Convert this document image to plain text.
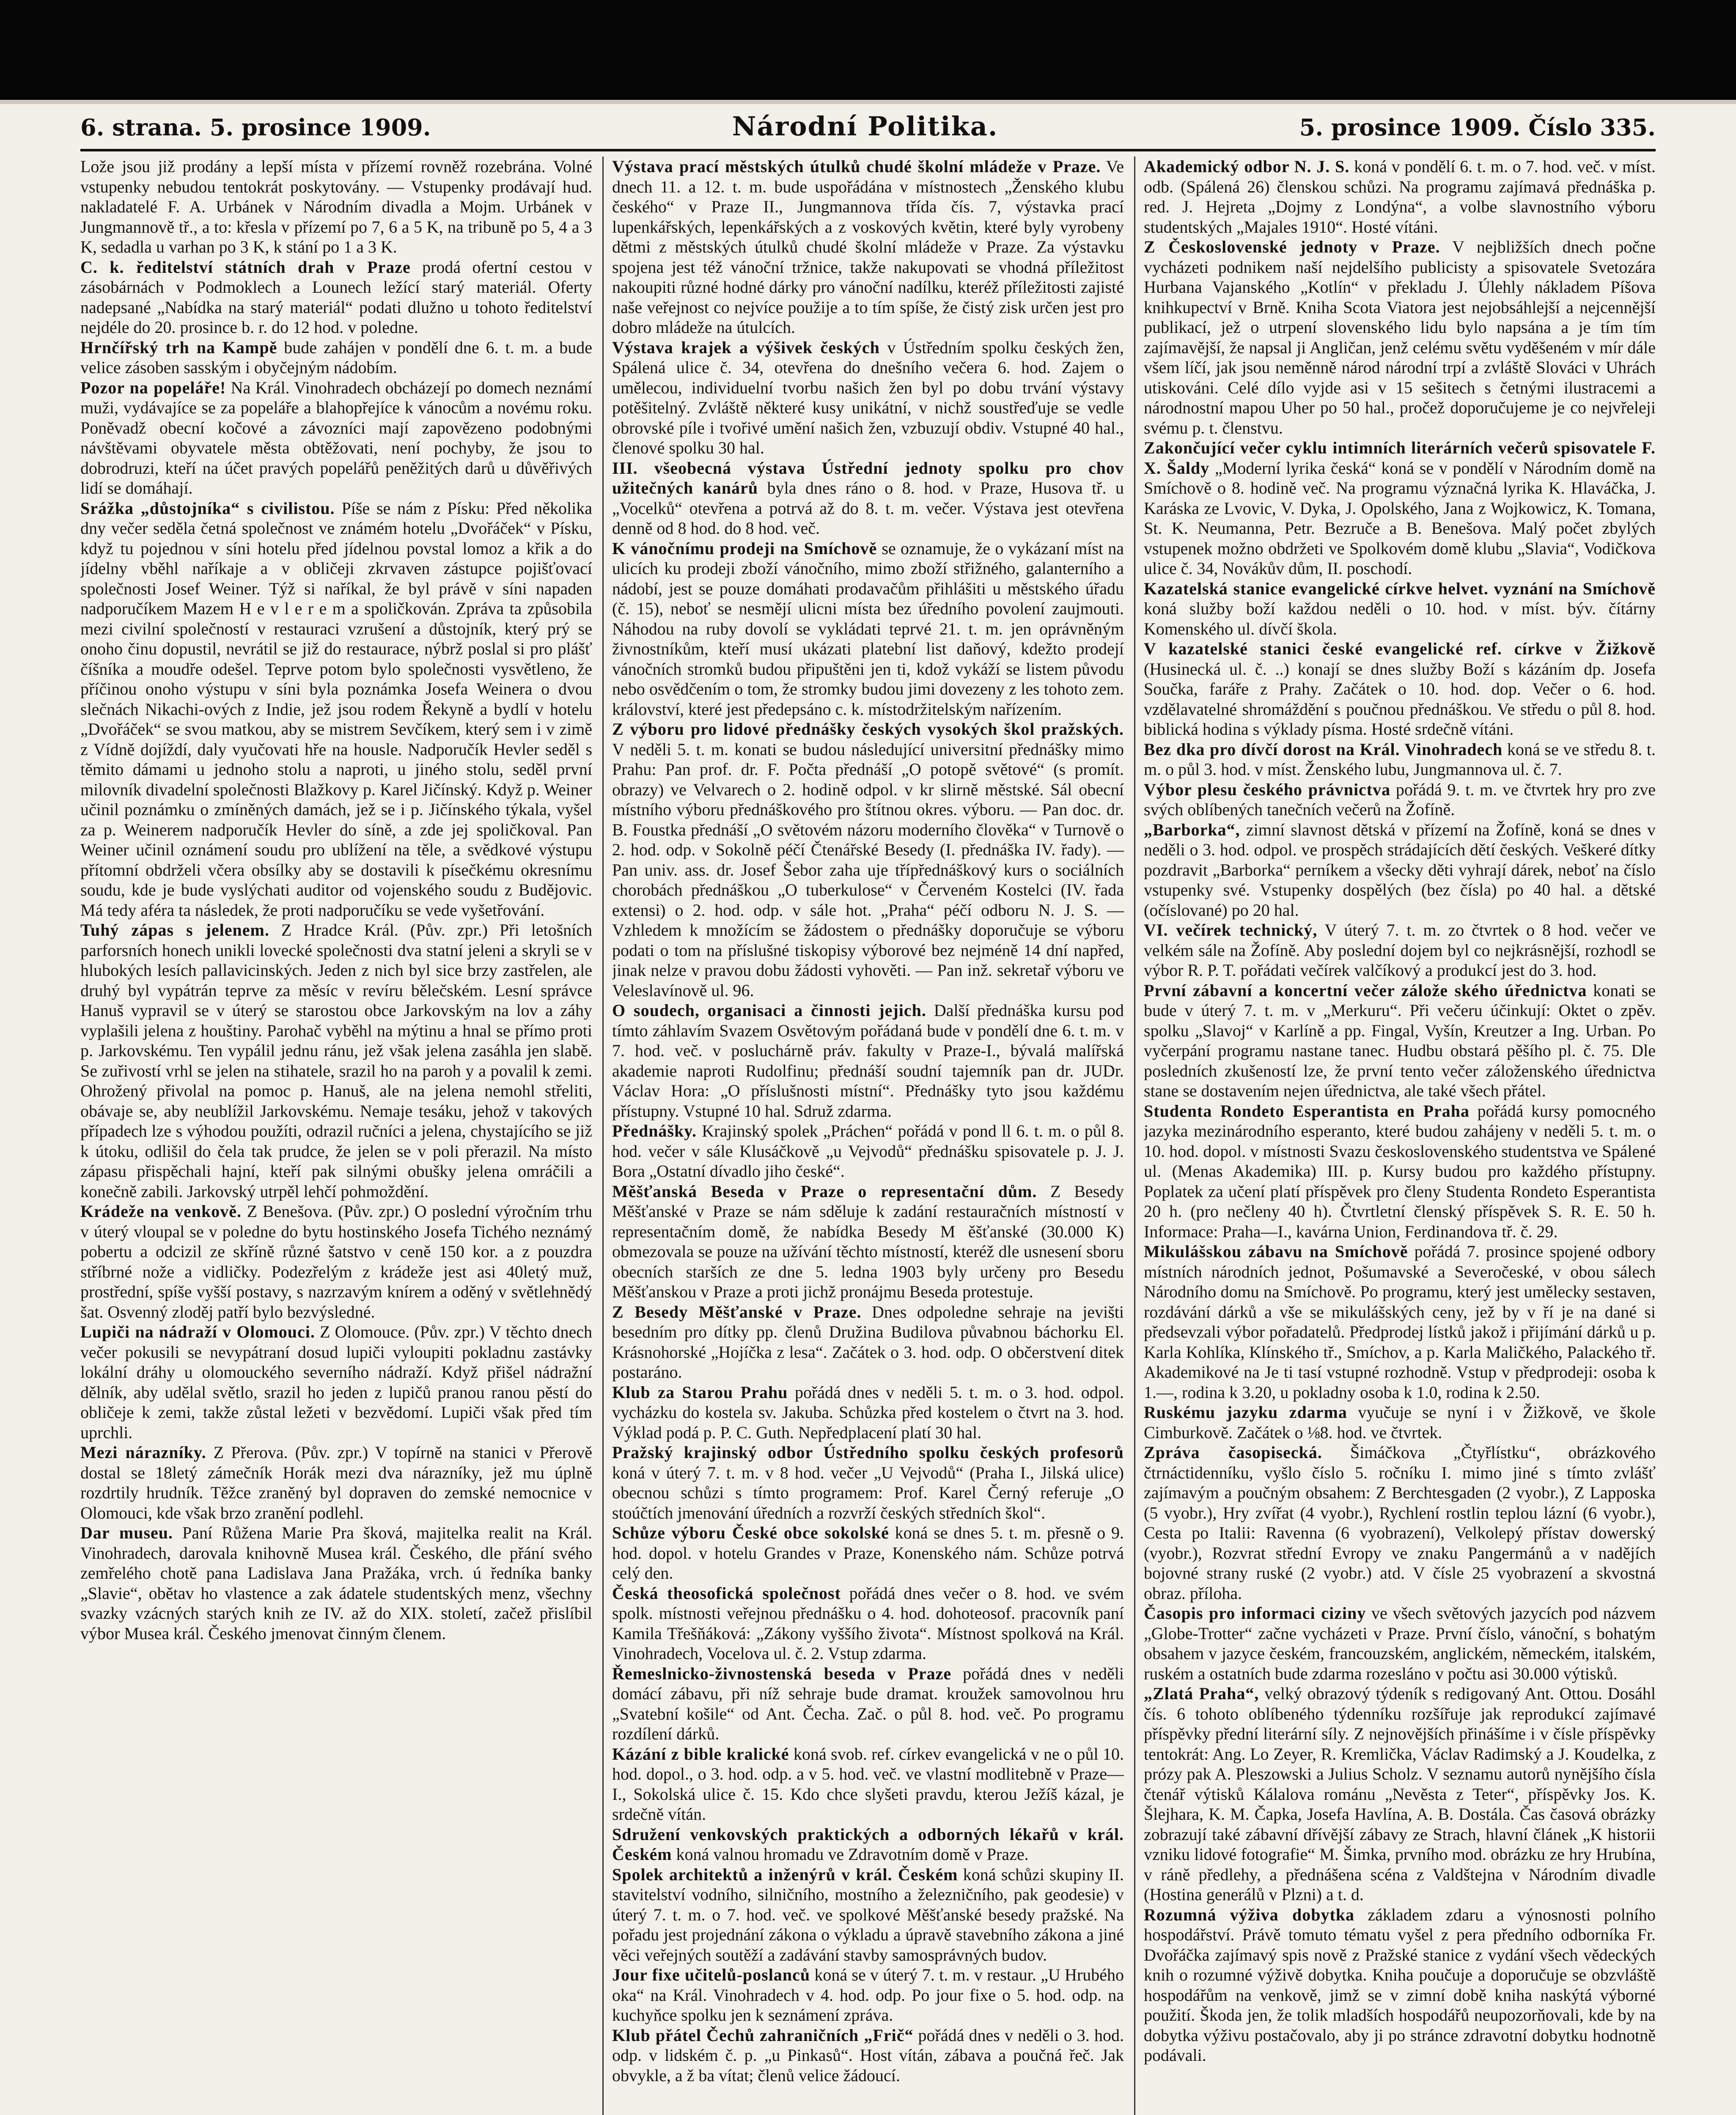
6. strana. 5. prosince 1909.	Národní Politika.	5. prosince 1909. Číslo 335.

Lože jsou již prodány a lepší místa v přízemí rovněž rozebrána. Volné vstupenky nebudou tentokrát poskytovány. — Vstupenky prodávají hud. nakladatelé F. A. Urbánek v Národním divadla a Mojm. Urbánek v Jungmannově tř., a to: křesla v přízemí po 7, 6 a 5 K, na tribuně po 5, 4 a 3 K, sedadla u varhan po 3 K, k stání po 1 a 3 K.

C. k. ředitelství státních drah v Praze prodá ofertní cestou v zásobárnách v Podmoklech a Lounech ležící starý materiál. Oferty nadepsané „Nabídka na starý materiál“ podati dlužno u tohoto ředitelství nejdéle do 20. prosince b. r. do 12 hod. v poledne.

Hrnčířský trh na Kampě bude zahájen v pondělí dne 6. t. m. a bude velice zásoben sasským i obyčejným nádobím.

Pozor na popeláře! Na Král. Vinohradech obcházejí po domech neznámí muži, vydávajíce se za popeláře a blahopřejíce k vánocům a novému roku. Poněvadž obecní kočové a závozníci mají zapovězeno podobnými návštěvami obyvatele města obtěžovati, není pochyby, že jsou to dobrodruzi, kteří na účet pravých popelářů peněžitých darů u důvěřivých lidí se domáhají.

Srážka „důstojníka“ s civilistou. Píše se nám z Písku: Před několika dny večer seděla četná společnost ve známém hotelu „Dvořáček“ v Písku, když tu pojednou v síni hotelu před jídelnou povstal lomoz a křik a do jídelny vběhl naříkaje a v obličeji zkrvaven zástupce pojišťovací společnosti Josef Weiner. Týž si naříkal, že byl právě v síni napaden nadporučíkem Mazem H e v l e r e m a spoličkován. Zpráva ta způsobila mezi civilní společností v restauraci vzrušení a důstojník, který prý se onoho činu dopustil, nevrátil se již do restaurace, nýbrž poslal si pro plášť číšníka a moudře odešel. Teprve potom bylo společnosti vysvětleno, že příčinou onoho výstupu v síni byla poznámka Josefa Weinera o dvou slečnách Nikachi-ových z Indie, jež jsou rodem Řekyně a bydlí v hotelu „Dvořáček“ se svou matkou, aby se mistrem Sevčíkem, který sem i v zimě z Vídně dojíždí, daly vyučovati hře na housle. Nadporučík Hevler seděl s těmito dámami u jednoho stolu a naproti, u jiného stolu, seděl první milovník divadelní společnosti Blažkovy p. Karel Jičínský. Když p. Weiner učinil poznámku o zmíněných damách, jež se i p. Jičínského týkala, vyšel za p. Weinerem nadporučík Hevler do síně, a zde jej spoličkoval. Pan Weiner učinil oznámení soudu pro ublížení na těle, a svědkové výstupu přítomní obdrželi včera obsílky aby se dostavili k písečkému okresnímu soudu, kde je bude vyslýchati auditor od vojenského soudu z Budějovic. Má tedy aféra ta následek, že proti nadporučíku se vede vyšetřování.

Tuhý zápas s jelenem. Z Hradce Král. (Pův. zpr.) Při letošních parforsních honech unikli lovecké společnosti dva statní jeleni a skryli se v hlubokých lesích pallavicinských. Jeden z nich byl sice brzy zastřelen, ale druhý byl vypátrán teprve za měsíc v revíru bělečském. Lesní správce Hanuš vypravil se v úterý se starostou obce Jarkovským na lov a záhy vyplašili jelena z houštiny. Parohač vyběhl na mýtinu a hnal se přímo proti p. Jarkovskému. Ten vypálil jednu ránu, jež však jelena zasáhla jen slabě. Se zuřivostí vrhl se jelen na stihatele, srazil ho na paroh y a povalil k zemi. Ohrožený přivolal na pomoc p. Hanuš, ale na jelena nemohl střeliti, obávaje se, aby neublížil Jarkovskému. Nemaje tesáku, jehož v takových případech lze s výhodou použíti, odrazil ručníci a jelena, chystajícího se již k útoku, odlišil do čela tak prudce, že jelen se v poli přerazil. Na místo zápasu přispěchali hajní, kteří pak silnými obušky jelena omráčili a konečně zabili. Jarkovský utrpěl lehčí pohmoždění.

Krádeže na venkově. Z Benešova. (Pův. zpr.) O poslední výročním trhu v úterý vloupal se v poledne do bytu hostinského Josefa Tichého neznámý pobertu a odcizil ze skříně různé šatstvo v ceně 150 kor. a z pouzdra stříbrné nože a vidličky. Podezřelým z krádeže jest asi 40letý muž, prostřední, spíše vyšší postavy, s nazrzavým knírem a oděný v světlehnědý šat. Osvenný zloděj patří bylo bezvýsledné.

Lupiči na nádraží v Olomouci. Z Olomouce. (Pův. zpr.) V těchto dnech večer pokusili se nevypátraní dosud lupiči vyloupiti pokladnu zastávky lokální dráhy u olomouckého severního nádraží. Když přišel nádražní dělník, aby udělal světlo, srazil ho jeden z lupičů pranou ranou pěstí do obličeje k zemi, takže zůstal ležeti v bezvědomí. Lupiči však před tím uprchli.

Mezi nárazníky. Z Přerova. (Pův. zpr.) V topírně na stanici v Přerově dostal se 18letý zámečník Horák mezi dva nárazníky, jež mu úplně rozdrtily hrudník. Těžce zraněný byl dopraven do zemské nemocnice v Olomouci, kde však brzo zranění podlehl.

Dar museu. Paní Růžena Marie Pra šková, majitelka realit na Král. Vinohradech, darovala knihovně Musea král. Českého, dle přání svého zemřelého chotě pana Ladislava Jana Pražáka, vrch. ú ředníka banky „Slavie“, obětav ho vlastence a zak ádatele studentských menz, všechny svazky vzácných starých knih ze IV. až do XIX. století, začež přislíbil výbor Musea král. Českého jmenovat činným členem.

Výstava prací městských útulků chudé školní mládeže v Praze. Ve dnech 11. a 12. t. m. bude uspořádána v místnostech „Ženského klubu českého“ v Praze II., Jungmannova třída čís. 7, výstavka prací lupenkářských, lepenkářských a z voskových květin, které byly vyrobeny dětmi z městských útulků chudé školní mládeže v Praze. Za výstavku spojena jest též vánoční tržnice, takže nakupovati se vhodná příležitost nakoupiti různé hodné dárky pro vánoční nadílku, kteréž příležitosti zajisté naše veřejnost co nejvíce použije a to tím spíše, že čistý zisk určen jest pro dobro mládeže na útulcích.

Výstava krajek a výšivek českých v Ústředním spolku českých žen, Spálená ulice č. 34, otevřena do dnešního večera 6. hod. Zajem o umělecou, individuelní tvorbu našich žen byl po dobu trvání výstavy potěšitelný. Zvláště některé kusy unikátní, v nichž soustřeďuje se vedle obrovské píle i tvořivé umění našich žen, vzbuzují obdiv. Vstupné 40 hal., členové spolku 30 hal.

III. všeobecná výstava Ústřední jednoty spolku pro chov užitečných kanárů byla dnes ráno o 8. hod. v Praze, Husova tř. u „Vocelků“ otevřena a potrvá až do 8. t. m. večer. Výstava jest otevřena denně od 8 hod. do 8 hod. več.

K vánočnímu prodeji na Smíchově se oznamuje, že o vykázaní míst na ulicích ku prodeji zboží vánočního, mimo zboží střižného, galanterního a nádobí, jest se pouze domáhati prodavačům přihlášiti u městského úřadu (č. 15), neboť se nesmějí ulicni místa bez úředního povolení zaujmouti. Náhodou na ruby dovolí se vykládati teprvé 21. t. m. jen oprávněným živnostníkům, kteří musí ukázati platební list daňový, kdežto prodejí vánočních stromků budou připuštěni jen ti, kdož vykáží se listem původu nebo osvědčením o tom, že stromky budou jimi dovezeny z les tohoto zem. království, které jest předepsáno c. k. místodržitelským nařízením.

Z výboru pro lidové přednášky českých vysokých škol pražských. V neděli 5. t. m. konati se budou následující universitní přednášky mimo Prahu: Pan prof. dr. F. Počta přednáší „O potopě světové“ (s promít. obrazy) ve Velvarech o 2. hodině odpol. v kr slirně městské. Sál obecní místního výboru přednáškového pro štítnou okres. výboru. — Pan doc. dr. B. Foustka přednáší „O světovém názoru moderního člověka“ v Turnově o 2. hod. odp. v Sokolně péčí Čtenářské Besedy (I. přednáška IV. řady). — Pan univ. ass. dr. Josef Šebor zaha uje třípřednáškový kurs o sociálních chorobách přednáškou „O tuberkulose“ v Červeném Kostelci (IV. řada extensi) o 2. hod. odp. v sále hot. „Praha“ péčí odboru N. J. S. — Vzhledem k množícím se žádostem o přednášky doporučuje se výboru podati o tom na příslušné tiskopisy výborové bez nejméně 14 dní napřed, jinak nelze v pravou dobu žádosti vyhověti. — Pan inž. sekretař výboru ve Veleslavínově ul. 96.

O soudech, organisaci a činnosti jejich. Další přednáška kursu pod tímto záhlavím Svazem Osvětovým pořádaná bude v pondělí dne 6. t. m. v 7. hod. več. v posluchárně práv. fakulty v Praze-I., bývalá malířská akademie naproti Rudolfinu; přednáší soudní tajemník pan dr. JUDr. Václav Hora: „O příslušnosti místní“. Přednášky tyto jsou každému přístupny. Vstupné 10 hal. Sdruž zdarma.

Přednášky. Krajinský spolek „Práchen“ pořádá v pond ll 6. t. m. o půl 8. hod. večer v sále Klusáčkově „u Vejvodů“ přednášku spisovatele p. J. J. Bora „Ostatní dívadlo jiho české“.

Měšťanská Beseda v Praze o representační dům. Z Besedy Měšťanské v Praze se nám sděluje k zadání restauračních místností v representačním domě, že nabídka Besedy M ěšťanské (30.000 K) obmezovala se pouze na užívání těchto místností, kteréž dle usnesení sboru obecních starších ze dne 5. ledna 1903 byly určeny pro Besedu Měšťanskou v Praze a proti jichž pronájmu Beseda protestuje.

Z Besedy Měšťanské v Praze. Dnes odpoledne sehraje na jevišti besedním pro dítky pp. členů Družina Budilova půvabnou báchorku El. Krásnohorské „Hojíčka z lesa“. Začátek o 3. hod. odp. O občerstvení ditek postaráno.

Klub za Starou Prahu pořádá dnes v neděli 5. t. m. o 3. hod. odpol. vycházku do kostela sv. Jakuba. Schůzka před kostelem o čtvrt na 3. hod. Výklad podá p. P. C. Guth. Nepředplacení platí 30 hal.

Pražský krajinský odbor Ústředního spolku českých profesorů koná v úterý 7. t. m. v 8 hod. večer „U Vejvodů“ (Praha I., Jilská ulice) obecnou schůzi s tímto programem: Prof. Karel Černý referuje „O stoúčtích jmenování úředních a rozvrží českých středních škol“.

Schůze výboru České obce sokolské koná se dnes 5. t. m. přesně o 9. hod. dopol. v hotelu Grandes v Praze, Konenského nám. Schůze potrvá celý den.

Česká theosofická společnost pořádá dnes večer o 8. hod. ve svém spolk. místnosti veřejnou přednášku o 4. hod. dohoteosof. pracovník paní Kamila Třešňáková: „Zákony vyššího života“. Místnost spolková na Král. Vinohradech, Vocelova ul. č. 2. Vstup zdarma.

Řemeslnicko-živnostenská beseda v Praze pořádá dnes v neděli domácí zábavu, při níž sehraje bude dramat. kroužek samovolnou hru „Svatební košile“ od Ant. Čecha. Zač. o půl 8. hod. več. Po programu rozdílení dárků.

Kázání z bible kralické koná svob. ref. církev evangelická v ne o půl 10. hod. dopol., o 3. hod. odp. a v 5. hod. več. ve vlastní modlitebně v Praze—I., Sokolská ulice č. 15. Kdo chce slyšeti pravdu, kterou Ježíš kázal, je srdečně vítán.

Sdružení venkovských praktických a odborných lékařů v král. Českém koná valnou hromadu ve Zdravotním domě v Praze.

Spolek architektů a inženýrů v král. Českém koná schůzi skupiny II. stavitelství vodního, silničního, mostního a železničního, pak geodesie) v úterý 7. t. m. o 7. hod. več. ve spolkové Měšťanské besedy pražské. Na pořadu jest projednání zákona o výkladu a úpravě stavebního zákona a jiné věci veřejných soutěží a zadávání stavby samosprávných budov.

Jour fixe učitelů-poslanců koná se v úterý 7. t. m. v restaur. „U Hrubého oka“ na Král. Vinohradech v 4. hod. odp. Po jour fixe o 5. hod. odp. na kuchyňce spolku jen k seznámení zpráva.

Klub přátel Čechů zahraničních „Frič“ pořádá dnes v neděli o 3. hod. odp. v lidském č. p. „u Pinkasů“. Host vítán, zábava a poučná řeč. Jak obvykle, a ž ba vítat; členů velice žádoucí.

Akademický odbor N. J. S. koná v pondělí 6. t. m. o 7. hod. več. v míst. odb. (Spálená 26) členskou schůzi. Na programu zajímavá přednáška p. red. J. Hejreta „Dojmy z Londýna“, a volbe slavnostního výboru studentských „Majales 1910“. Hosté vítáni.

Z Československé jednoty v Praze. V nejbližších dnech počne vycházeti podnikem naší nejdelšího publicisty a spisovatele Svetozára Hurbana Vajanského „Kotlín“ v překladu J. Úlehly nákladem Píšova knihkupectví v Brně. Kniha Scota Viatora jest nejobsáhlejší a nejcennější publikací, jež o utrpení slovenského lidu bylo napsána a je tím tím zajímavější, že napsal ji Angličan, jenž celému světu vyděšeném v mír dále všem líčí, jak jsou neměnně národ národní trpí a zvláště Slováci v Uhrách utiskováni. Celé dílo vyjde asi v 15 sešitech s četnými ilustracemi a národnostní mapou Uher po 50 hal., pročež doporučujeme je co nejvřeleji svému p. t. členstvu.

Zakončující večer cyklu intimních literárních večerů spisovatele F. X. Šaldy „Moderní lyrika česká“ koná se v pondělí v Národním domě na Smíchově o 8. hodině več. Na programu význačná lyrika K. Hlaváčka, J. Karáska ze Lvovic, V. Dyka, J. Opolského, Jana z Wojkowicz, K. Tomana, St. K. Neumanna, Petr. Bezruče a B. Benešova. Malý počet zbylých vstupenek možno obdržeti ve Spolkovém domě klubu „Slavia“, Vodičkova ulice č. 34, Novákův dům, II. poschodí.

Kazatelská stanice evangelické církve helvet. vyznání na Smíchově koná služby boží každou neděli o 10. hod. v míst. býv. čítárny Komenského ul. dívčí škola.

V kazatelské stanici české evangelické ref. církve v Žižkově (Husinecká ul. č. ..) konají se dnes služby Boží s kázáním dp. Josefa Součka, faráře z Prahy. Začátek o 10. hod. dop. Večer o 6. hod. vzdělavatelné shromáždění s poučnou přednáškou. Ve středu o půl 8. hod. biblická hodina s výklady písma. Hosté srdečně vítáni.

Bez dka pro dívčí dorost na Král. Vinohradech koná se ve středu 8. t. m. o půl 3. hod. v míst. Ženského lubu, Jungmannova ul. č. 7.

Výbor plesu českého právnictva pořádá 9. t. m. ve čtvrtek hry pro zve svých oblíbených tanečních večerů na Žofíně.

„Barborka“, zimní slavnost dětská v přízemí na Žofíně, koná se dnes v neděli o 3. hod. odpol. ve prospěch strádajících dětí českých. Veškeré dítky pozdravit „Barborka“ perníkem a všecky děti vyhrají dárek, neboť na číslo vstupenky své. Vstupenky dospělých (bez čísla) po 40 hal. a dětské (očíslované) po 20 hal.

VI. večírek technický, V úterý 7. t. m. zo čtvrtek o 8 hod. večer ve velkém sále na Žofíně. Aby poslední dojem byl co nejkrásnější, rozhodl se výbor R. P. T. pořádati večírek valčíkový a produkcí jest do 3. hod.

První zábavní a koncertní večer zálože ského úřednictva konati se bude v úterý 7. t. m. v „Merkuru“. Při večeru účinkují: Oktet o zpěv. spolku „Slavoj“ v Karlíně a pp. Fingal, Vyšín, Kreutzer a Ing. Urban. Po vyčerpání programu nastane tanec. Hudbu obstará pěšího pl. č. 75. Dle posledních zkušeností lze, že první tento večer záloženského úřednictva stane se dostavením nejen úřednictva, ale také všech přátel.

Studenta Rondeto Esperantista en Praha pořádá kursy pomocného jazyka mezinárodního esperanto, které budou zahájeny v neděli 5. t. m. o 10. hod. dopol. v místnosti Svazu československého studentstva ve Spálené ul. (Menas Akademika) III. p. Kursy budou pro každého přístupny. Poplatek za učení platí příspěvek pro členy Studenta Rondeto Esperantista 20 h. (pro nečleny 40 h). Čtvrtletní členský příspěvek S. R. E. 50 h. Informace: Praha—I., kavárna Union, Ferdinandova tř. č. 29.

Mikulášskou zábavu na Smíchově pořádá 7. prosince spojené odbory místních národních jednot, Pošumavské a Severočeské, v obou sálech Národního domu na Smíchově. Po programu, který jest umělecky sestaven, rozdávání dárků a vše se mikulášských ceny, jež by v ří je na dané si předsevzali výbor pořadatelů. Předprodej lístků jakož i přijímání dárků u p. Karla Kohlíka, Klínského tř., Smíchov, a p. Karla Maličkého, Palackého tř. Akademikové na Je ti tasí vstupné rozhodně. Vstup v předprodeji: osoba k 1.—, rodina k 3.20, u pokladny osoba k 1.0, rodina k 2.50.

Ruskému jazyku zdarma vyučuje se nyní i v Žižkově, ve škole Cimburkově. Začátek o ⅛8. hod. ve čtvrtek.

Zpráva časopisecká. Šimáčkova „Čtyřlístku“, obrázkového čtrnáctidenníku, vyšlo číslo 5. ročníku I. mimo jiné s tímto zvlášť zajímavým a poučným obsahem: Z Berchtesgaden (2 vyobr.), Z Lapposka (5 vyobr.), Hry zvířat (4 vyobr.), Rychlení rostlin teplou lázní (6 vyobr.), Cesta po Italii: Ravenna (6 vyobrazení), Velkolepý přístav dowerský (vyobr.), Rozvrat střední Evropy ve znaku Pangermánů a v nadějích bojovné strany ruské (2 vyobr.) atd. V čísle 25 vyobrazení a skvostná obraz. příloha.

Časopis pro informaci ciziny ve všech světových jazycích pod názvem „Globe-Trotter“ začne vycházeti v Praze. První číslo, vánoční, s bohatým obsahem v jazyce českém, francouzském, anglickém, německém, italském, ruském a ostatních bude zdarma rozesláno v počtu asi 30.000 výtisků.

„Zlatá Praha“, velký obrazový týdeník s redigovaný Ant. Ottou. Dosáhl čís. 6 tohoto oblíbeného týdenníku rozšířuje jak reprodukcí zajímavé příspěvky přední literární síly. Z nejnovějších přinášíme i v čísle příspěvky tentokrát: Ang. Lo Zeyer, R. Kremlička, Václav Radimský a J. Koudelka, z prózy pak A. Pleszowski a Julius Scholz. V seznamu autorů nynějšího čísla čtenář výtisků Kálalova románu „Nevěsta z Teter“, příspěvky Jos. K. Šlejhara, K. M. Čapka, Josefa Havlína, A. B. Dostála. Čas časová obrázky zobrazují také zábavní dřívější zábavy ze Strach, hlavní článek „K historii vzniku lidové fotografie“ M. Šimka, prvního mod. obrázku ze hry Hrubína, v ráně předlehy, a přednášena scéna z Valdštejna v Národním divadle (Hostina generálů v Plzni) a t. d.

Rozumná výživa dobytka základem zdaru a výnosnosti polního hospodářství. Právě tomuto tématu vyšel z pera předního odborníka Fr. Dvořáčka zajímavý spis nově z Pražské stanice z vydání všech vědeckých knih o rozumné výživě dobytka. Kniha poučuje a doporučuje se obzvláště hospodářům na venkově, jimž se v zimní době kniha naskýtá výborné použití. Škoda jen, že tolik mladších hospodářů neupozorňovali, kde by na dobytka výživu postačovalo, aby ji po stránce zdravotní dobytku hodnotně podávali.
